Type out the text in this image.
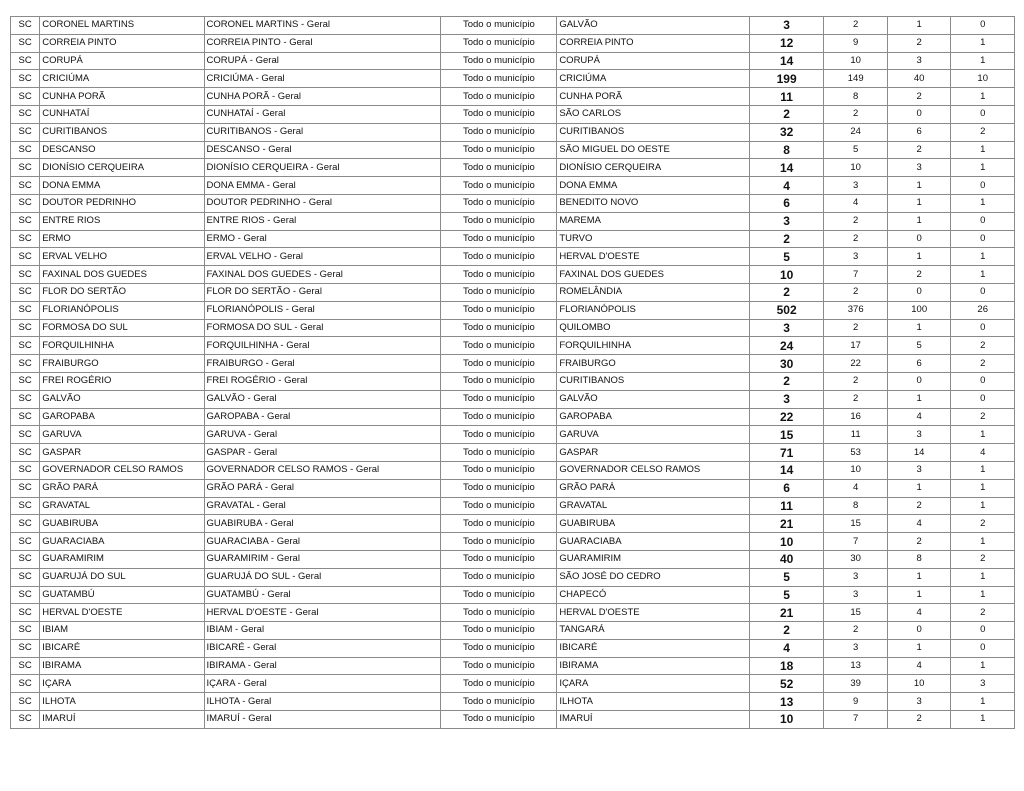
SC	CORONEL MARTINS	CORONEL MARTINS - Geral	Todo o município	GALVÃO	3	2	1	0
SC	CORREIA PINTO	CORREIA PINTO - Geral	Todo o município	CORREIA PINTO	12	9	2	1
SC	CORUPÁ	CORUPÁ - Geral	Todo o município	CORUPÁ	14	10	3	1
SC	CRICIÚMA	CRICIÚMA - Geral	Todo o município	CRICIÚMA	199	149	40	10
SC	CUNHA PORÃ	CUNHA PORÃ - Geral	Todo o município	CUNHA PORÃ	11	8	2	1
SC	CUNHATAÍ	CUNHATAÍ - Geral	Todo o município	SÃO CARLOS	2	2	0	0
SC	CURITIBANOS	CURITIBANOS - Geral	Todo o município	CURITIBANOS	32	24	6	2
SC	DESCANSO	DESCANSO - Geral	Todo o município	SÃO MIGUEL DO OESTE	8	5	2	1
SC	DIONÍSIO CERQUEIRA	DIONÍSIO CERQUEIRA - Geral	Todo o município	DIONÍSIO CERQUEIRA	14	10	3	1
SC	DONA EMMA	DONA EMMA - Geral	Todo o município	DONA EMMA	4	3	1	0
SC	DOUTOR PEDRINHO	DOUTOR PEDRINHO - Geral	Todo o município	BENEDITO NOVO	6	4	1	1
SC	ENTRE RIOS	ENTRE RIOS - Geral	Todo o município	MAREMA	3	2	1	0
SC	ERMO	ERMO - Geral	Todo o município	TURVO	2	2	0	0
SC	ERVAL VELHO	ERVAL VELHO - Geral	Todo o município	HERVAL D'OESTE	5	3	1	1
SC	FAXINAL DOS GUEDES	FAXINAL DOS GUEDES - Geral	Todo o município	FAXINAL DOS GUEDES	10	7	2	1
SC	FLOR DO SERTÃO	FLOR DO SERTÃO - Geral	Todo o município	ROMELÂNDIA	2	2	0	0
SC	FLORIANÓPOLIS	FLORIANÓPOLIS - Geral	Todo o município	FLORIANÓPOLIS	502	376	100	26
SC	FORMOSA DO SUL	FORMOSA DO SUL - Geral	Todo o município	QUILOMBO	3	2	1	0
SC	FORQUILHINHA	FORQUILHINHA - Geral	Todo o município	FORQUILHINHA	24	17	5	2
SC	FRAIBURGO	FRAIBURGO - Geral	Todo o município	FRAIBURGO	30	22	6	2
SC	FREI ROGÉRIO	FREI ROGÉRIO - Geral	Todo o município	CURITIBANOS	2	2	0	0
SC	GALVÃO	GALVÃO - Geral	Todo o município	GALVÃO	3	2	1	0
SC	GAROPABA	GAROPABA - Geral	Todo o município	GAROPABA	22	16	4	2
SC	GARUVA	GARUVA - Geral	Todo o município	GARUVA	15	11	3	1
SC	GASPAR	GASPAR - Geral	Todo o município	GASPAR	71	53	14	4
SC	GOVERNADOR CELSO RAMOS	GOVERNADOR CELSO RAMOS - Geral	Todo o município	GOVERNADOR CELSO RAMOS	14	10	3	1
SC	GRÃO PARÁ	GRÃO PARÁ - Geral	Todo o município	GRÃO PARÁ	6	4	1	1
SC	GRAVATAL	GRAVATAL - Geral	Todo o município	GRAVATAL	11	8	2	1
SC	GUABIRUBA	GUABIRUBA - Geral	Todo o município	GUABIRUBA	21	15	4	2
SC	GUARACIABA	GUARACIABA - Geral	Todo o município	GUARACIABA	10	7	2	1
SC	GUARAMIRIM	GUARAMIRIM - Geral	Todo o município	GUARAMIRIM	40	30	8	2
SC	GUARUJÁ DO SUL	GUARUJÁ DO SUL - Geral	Todo o município	SÃO JOSÉ DO CEDRO	5	3	1	1
SC	GUATAMBÚ	GUATAMBÚ - Geral	Todo o município	CHAPECÓ	5	3	1	1
SC	HERVAL D'OESTE	HERVAL D'OESTE - Geral	Todo o município	HERVAL D'OESTE	21	15	4	2
SC	IBIAM	IBIAM - Geral	Todo o município	TANGARÁ	2	2	0	0
SC	IBICARÉ	IBICARÉ - Geral	Todo o município	IBICARÉ	4	3	1	0
SC	IBIRAMA	IBIRAMA - Geral	Todo o município	IBIRAMA	18	13	4	1
SC	IÇARA	IÇARA - Geral	Todo o município	IÇARA	52	39	10	3
SC	ILHOTA	ILHOTA - Geral	Todo o município	ILHOTA	13	9	3	1
SC	IMARUÍ	IMARUÍ - Geral	Todo o município	IMARUÍ	10	7	2	1
